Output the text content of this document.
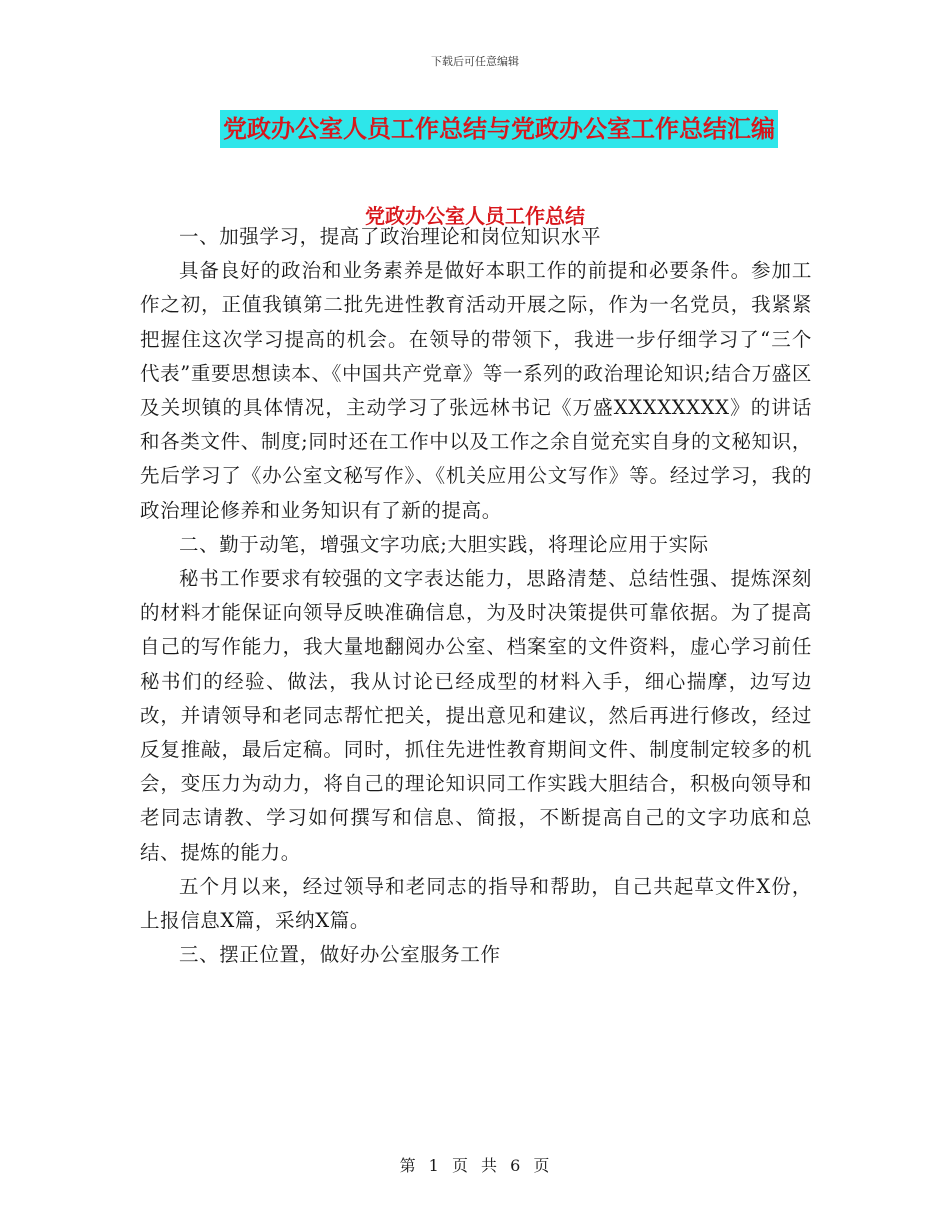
下载后可任意编辑
党政办公室人员工作总结与党政办公室工作总结汇编
党政办公室人员工作总结

一、加强学习，提高了政治理论和岗位知识水平

具备良好的政治和业务素养是做好本职工作的前提和必要条件。参加工作之初，正值我镇第二批先进性教育活动开展之际，作为一名党员，我紧紧把握住这次学习提高的机会。在领导的带领下，我进一步仔细学习了“三个代表”重要思想读本、《中国共产党章》等一系列的政治理论知识;结合万盛区及关坝镇的具体情况，主动学习了张远林书记《万盛XXXXXXXX》的讲话和各类文件、制度;同时还在工作中以及工作之余自觉充实自身的文秘知识，先后学习了《办公室文秘写作》、《机关应用公文写作》等。经过学习，我的政治理论修养和业务知识有了新的提高。

二、勤于动笔，增强文字功底;大胆实践，将理论应用于实际

秘书工作要求有较强的文字表达能力，思路清楚、总结性强、提炼深刻的材料才能保证向领导反映准确信息，为及时决策提供可靠依据。为了提高自己的写作能力，我大量地翻阅办公室、档案室的文件资料，虚心学习前任秘书们的经验、做法，我从讨论已经成型的材料入手，细心揣摩，边写边改，并请领导和老同志帮忙把关，提出意见和建议，然后再进行修改，经过反复推敲，最后定稿。同时，抓住先进性教育期间文件、制度制定较多的机会，变压力为动力，将自己的理论知识同工作实践大胆结合，积极向领导和老同志请教、学习如何撰写和信息、简报，不断提高自己的文字功底和总结、提炼的能力。

五个月以来，经过领导和老同志的指导和帮助，自己共起草文件X份，上报信息X篇，采纳X篇。

三、摆正位置，做好办公室服务工作

第 1 页 共 6 页
